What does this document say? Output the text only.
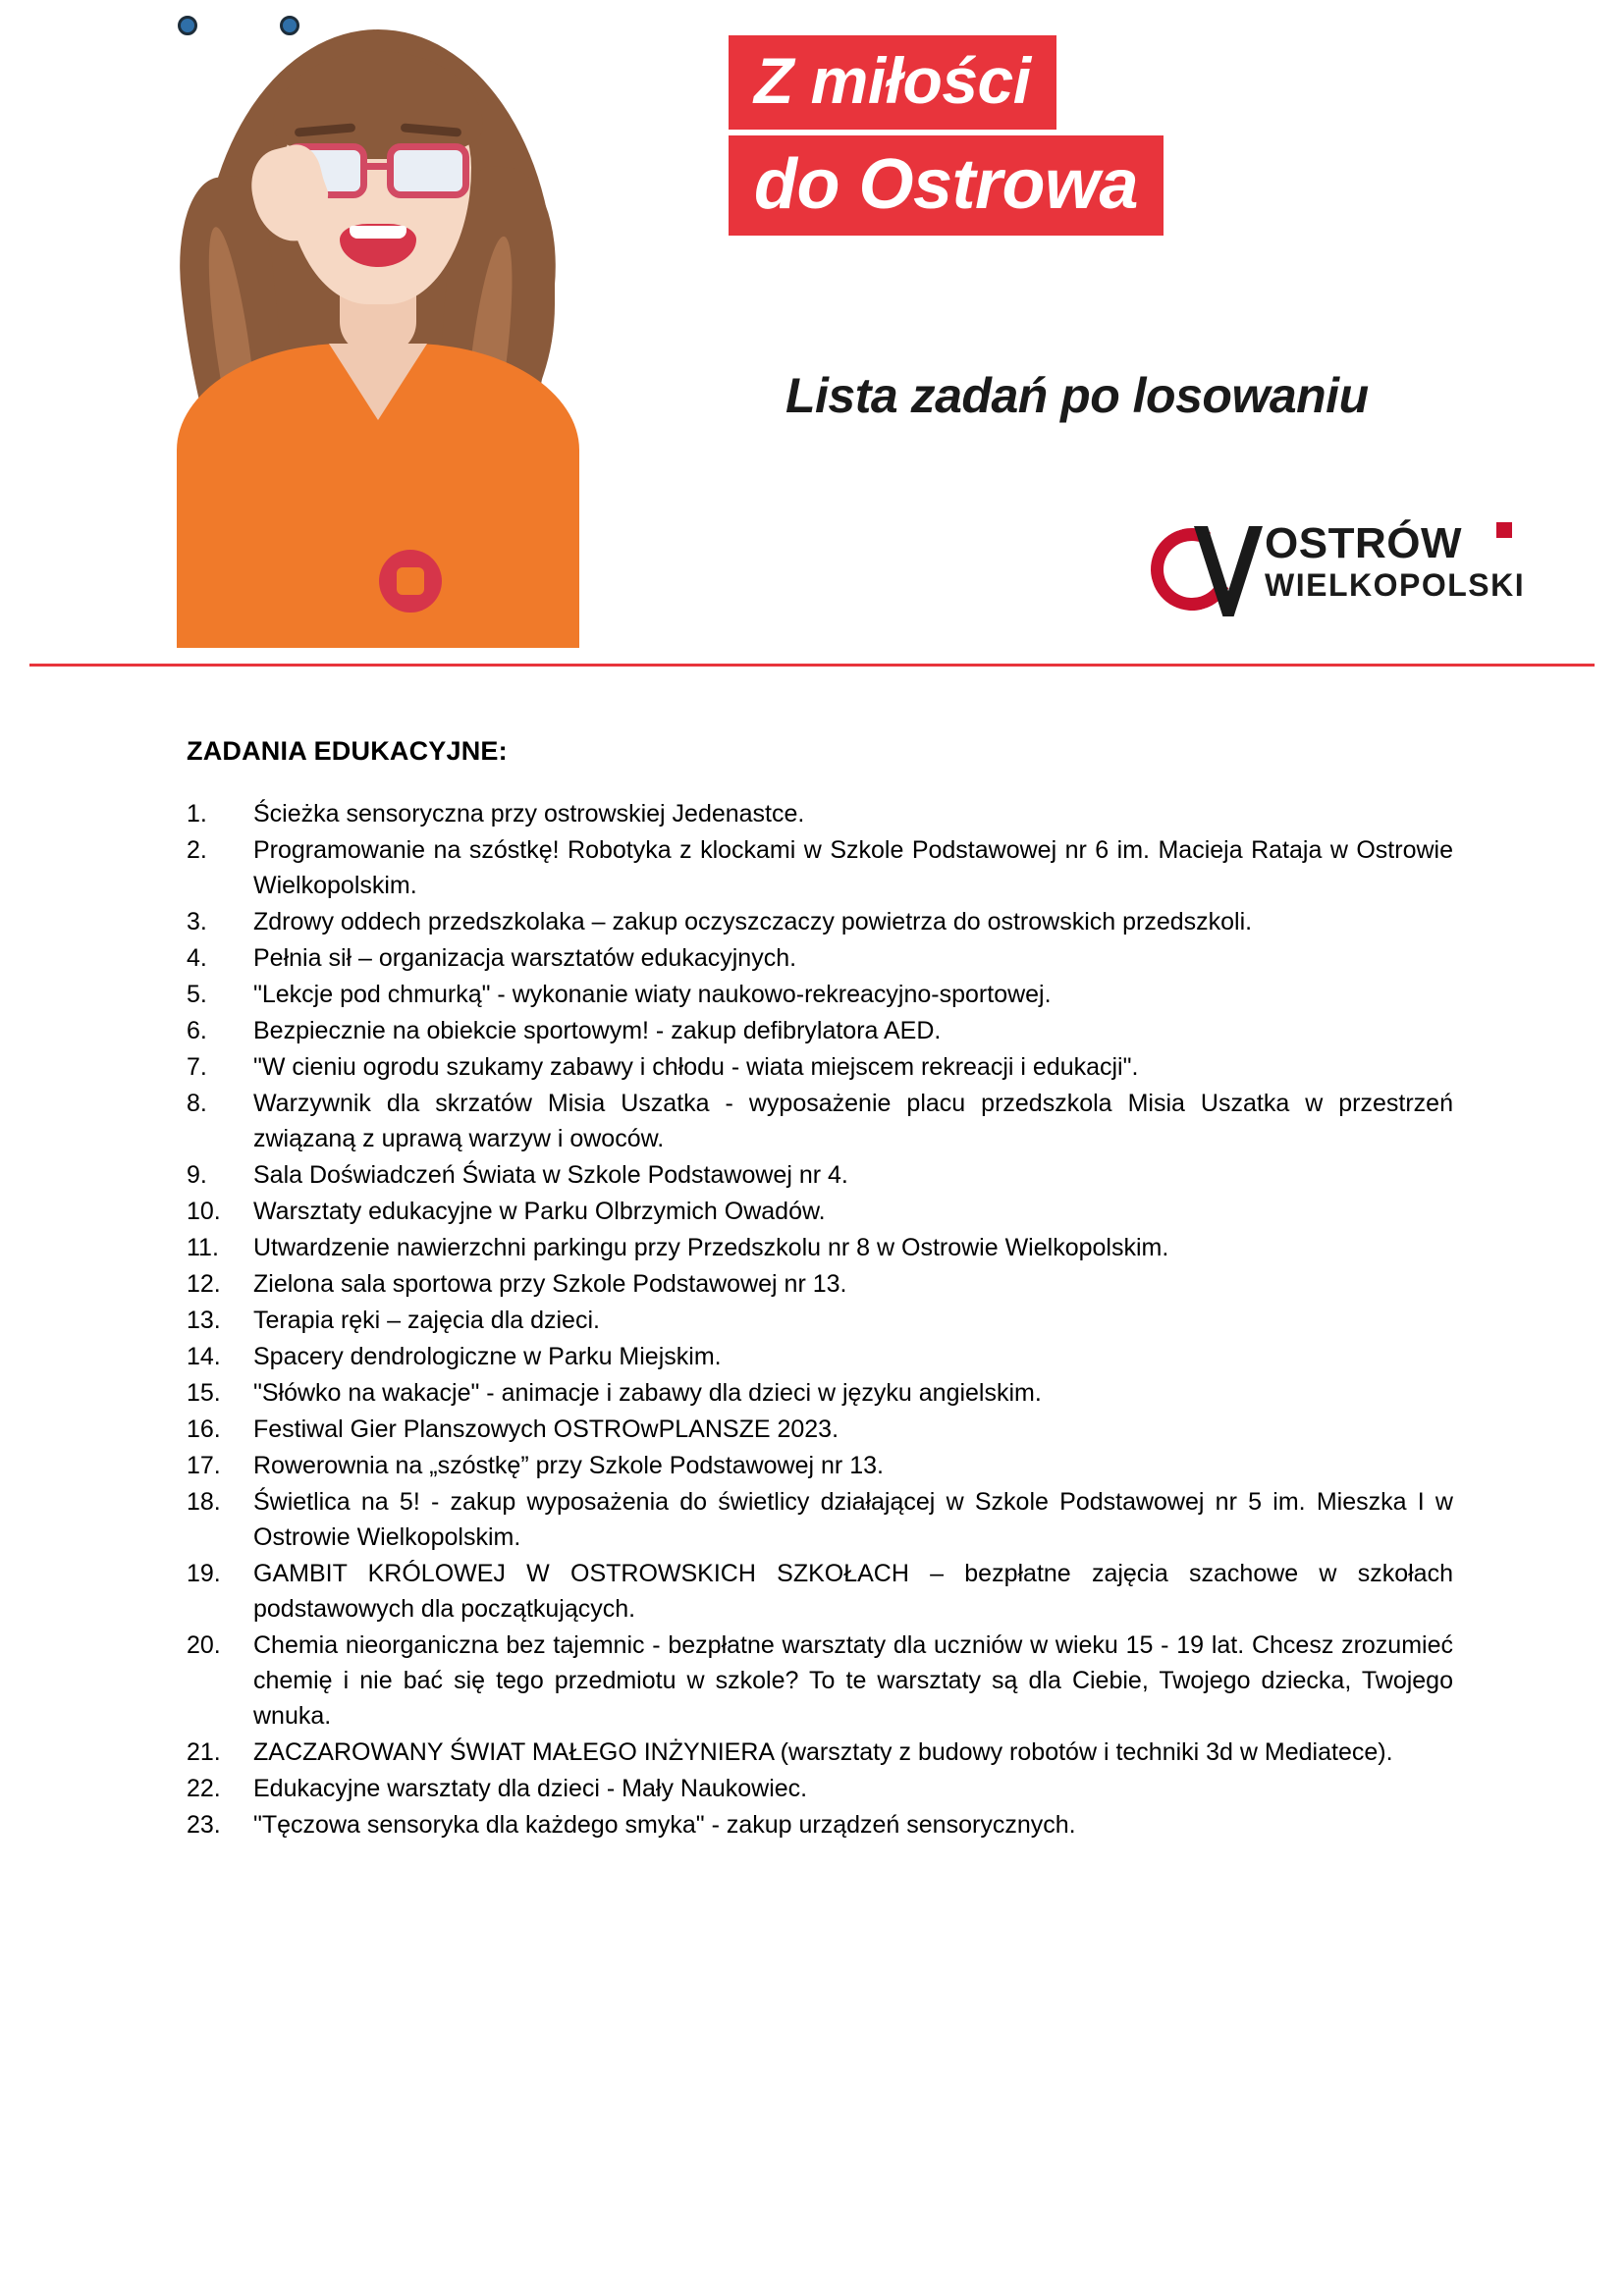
Z miłości
do Ostrowa
Lista zadań po losowaniu
OSTRÓW
WIELKOPOLSKI
ZADANIA EDUKACYJNE:
1.	Ścieżka sensoryczna przy ostrowskiej Jedenastce.
2.	Programowanie na szóstkę! Robotyka z klockami w Szkole Podstawowej nr 6 im. Macieja Rataja w Ostrowie Wielkopolskim.
3.	Zdrowy oddech przedszkolaka – zakup oczyszczaczy powietrza do ostrowskich przedszkoli.
4.	Pełnia sił – organizacja warsztatów edukacyjnych.
5.	"Lekcje pod chmurką" - wykonanie wiaty naukowo-rekreacyjno-sportowej.
6.	Bezpiecznie na obiekcie sportowym! - zakup defibrylatora AED.
7.	"W cieniu ogrodu szukamy zabawy i chłodu - wiata miejscem rekreacji i edukacji".
8.	Warzywnik dla skrzatów Misia Uszatka - wyposażenie placu przedszkola Misia Uszatka w przestrzeń związaną z uprawą warzyw i owoców.
9.	Sala Doświadczeń Świata w Szkole Podstawowej nr 4.
10.	Warsztaty edukacyjne w Parku Olbrzymich Owadów.
11.	Utwardzenie nawierzchni parkingu przy Przedszkolu nr 8 w Ostrowie Wielkopolskim.
12.	Zielona sala sportowa przy Szkole Podstawowej nr 13.
13.	Terapia ręki – zajęcia dla dzieci.
14.	Spacery dendrologiczne w Parku Miejskim.
15.	"Słówko na wakacje" - animacje i zabawy dla dzieci w języku angielskim.
16.	Festiwal Gier Planszowych OSTROwPLANSZE 2023.
17.	Rowerownia na „szóstkę” przy Szkole Podstawowej nr 13.
18.	Świetlica na 5! - zakup wyposażenia do świetlicy działającej w Szkole Podstawowej nr 5 im. Mieszka I w Ostrowie Wielkopolskim.
19.	GAMBIT KRÓLOWEJ W OSTROWSKICH SZKOŁACH – bezpłatne zajęcia szachowe w szkołach podstawowych dla początkujących.
20.	Chemia nieorganiczna bez tajemnic - bezpłatne warsztaty dla uczniów w wieku 15 - 19 lat. Chcesz zrozumieć chemię i nie bać się tego przedmiotu w szkole? To te warsztaty są dla Ciebie, Twojego dziecka, Twojego wnuka.
21.	ZACZAROWANY ŚWIAT MAŁEGO INŻYNIERA (warsztaty z budowy robotów i techniki 3d w Mediatece).
22.	Edukacyjne warsztaty dla dzieci - Mały Naukowiec.
23.	"Tęczowa sensoryka dla każdego smyka" - zakup urządzeń sensorycznych.
